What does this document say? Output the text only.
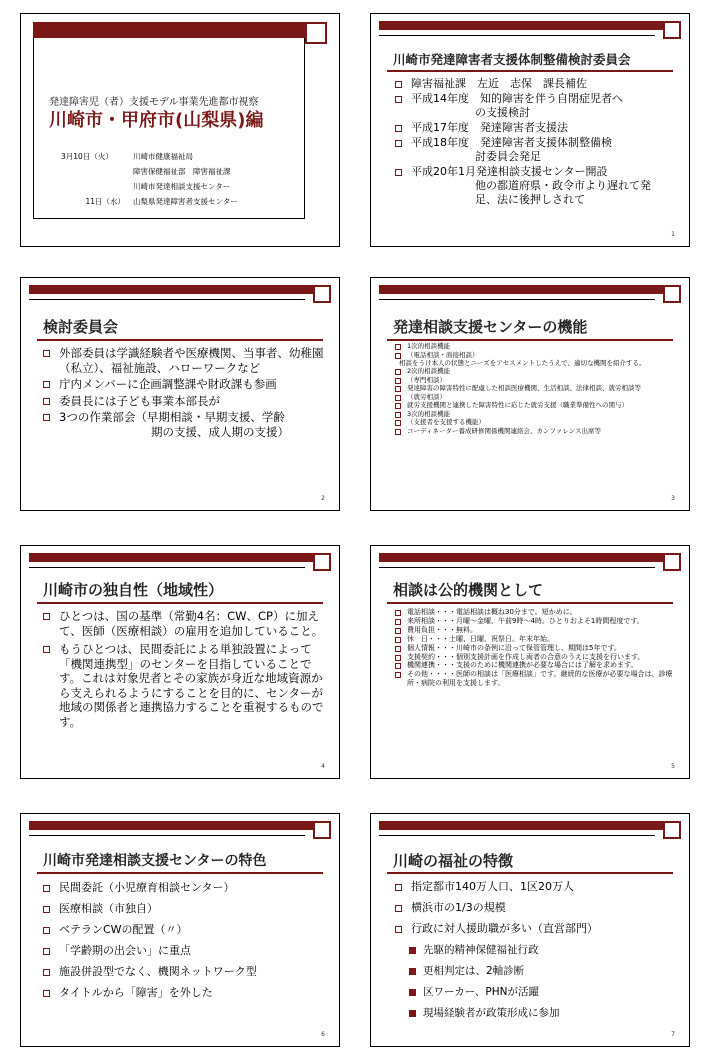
発達障害児（者）支援モデル事業先進都市視察
川崎市・甲府市(山梨県)編
3月10日（火）	川崎市健康福祉局
障害保健福祉部　障害福祉課
川崎市発達相談支援センター
11日（水） 山梨県発達障害者支援センター
川崎市発達障害者支援体制整備検討委員会
障害福祉課　左近　志保　課長補佐
平成14年度　知的障害を伴う自閉症児者へ
の支援検討
平成17年度　発達障害者支援法
平成18年度　発達障害者支援体制整備検
討委員会発足
平成20年1月発達相談支援センター開設
他の都道府県・政令市より遅れて発
足、法に後押しされて
1
検討委員会
外部委員は学識経験者や医療機関、当事者、幼稚園（私立）、福祉施設、ハローワークなど
庁内メンバーに企画調整課や財政課も参画
委員長には子ども事業本部長が
3つの作業部会（早期相談・早期支援、学齢
期の支援、成人期の支援）
2
発達相談支援センターの機能
1次的相談機能
（電話相談・面接相談）

相談をうけ本人の状態とニーズをアセスメントしたうえで、適切な機関を紹介する。
2次的相談機能
（専門相談）
発達障害の障害特性に配慮した相談医療機関、生活相談、法律相談、就労相談等
（就労相談）
就労支援機関と連携した障害特性に応じた就労支援（職業準備性への関与）
3次的相談機能
（支援者を支援する機能）
コーディネーター養成研修関係機関連絡会、カンファレンス出席等
3
川崎市の独自性（地域性）
ひとつは、国の基準（常勤4名：CW、CP）に加えて、医師（医療相談）の雇用を追加していること。
もうひとつは、民間委託による単独設置によって「機関連携型」のセンターを目指していることです。これは対象児者とその家族が身近な地域資源から支えられるようにすることを目的に、センターが地域の関係者と連携協力することを重視するものです。
4
相談は公的機関として
電話相談・・・電話相談は概ね30分まで。短かめに。
来所相談・・・月曜～金曜、午前9時～4時。ひとりおよそ1時間程度です。
費用負担・・・無料。
休　日・・・土曜、日曜、祝祭日。年末年始。
個人情報・・・川崎市の条例に沿って保管管理し、期間は5年です。
支援契約・・・個別支援計画を作成し両者の合意のうえに支援を行います。
機関連携・・・支援のために機関連携が必要な場合には了解を求めます。
その他・・・・医師の相談は「医療相談」です。継続的な医療が必要な場合は、診療所・病院の利用を支援します。
5
川崎市発達相談支援センターの特色
民間委託（小児療育相談センター）
医療相談（市独自）
ベテランCWの配置（〃）
「学齢期の出会い」に重点
施設併設型でなく、機関ネットワーク型
タイトルから「障害」を外した
6
川崎の福祉の特徴
指定都市140万人口、1区20万人
横浜市の1/3の規模
行政に対人援助職が多い（直営部門）
先駆的精神保健福祉行政
更相判定は、2軸診断
区ワーカー、PHNが活躍
現場経験者が政策形成に参加
7
